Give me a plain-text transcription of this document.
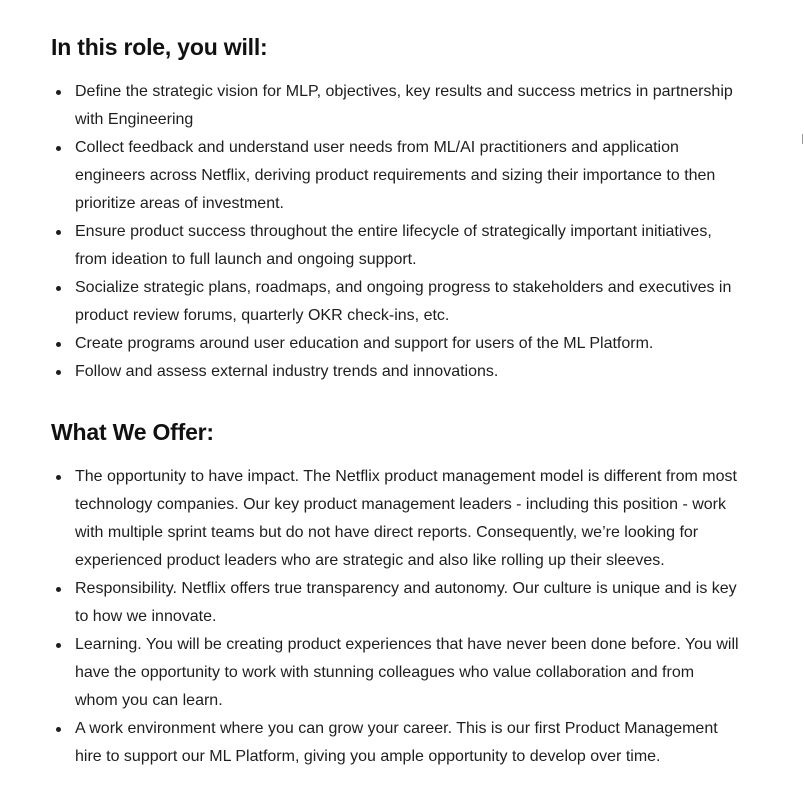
In this role, you will:
Define the strategic vision for MLP, objectives, key results and success metrics in partnership with Engineering
Collect feedback and understand user needs from ML/AI practitioners and application engineers across Netflix, deriving product requirements and sizing their importance to then prioritize areas of investment.
Ensure product success throughout the entire lifecycle of strategically important initiatives, from ideation to full launch and ongoing support.
Socialize strategic plans, roadmaps, and ongoing progress to stakeholders and executives in product review forums, quarterly OKR check-ins, etc.
Create programs around user education and support for users of the ML Platform.
Follow and assess external industry trends and innovations.
What We Offer:
The opportunity to have impact. The Netflix product management model is different from most technology companies. Our key product management leaders - including this position - work with multiple sprint teams but do not have direct reports. Consequently, we’re looking for experienced product leaders who are strategic and also like rolling up their sleeves.
Responsibility. Netflix offers true transparency and autonomy. Our culture is unique and is key to how we innovate.
Learning. You will be creating product experiences that have never been done before. You will have the opportunity to work with stunning colleagues who value collaboration and from whom you can learn.
A work environment where you can grow your career. This is our first Product Management hire to support our ML Platform, giving you ample opportunity to develop over time.
